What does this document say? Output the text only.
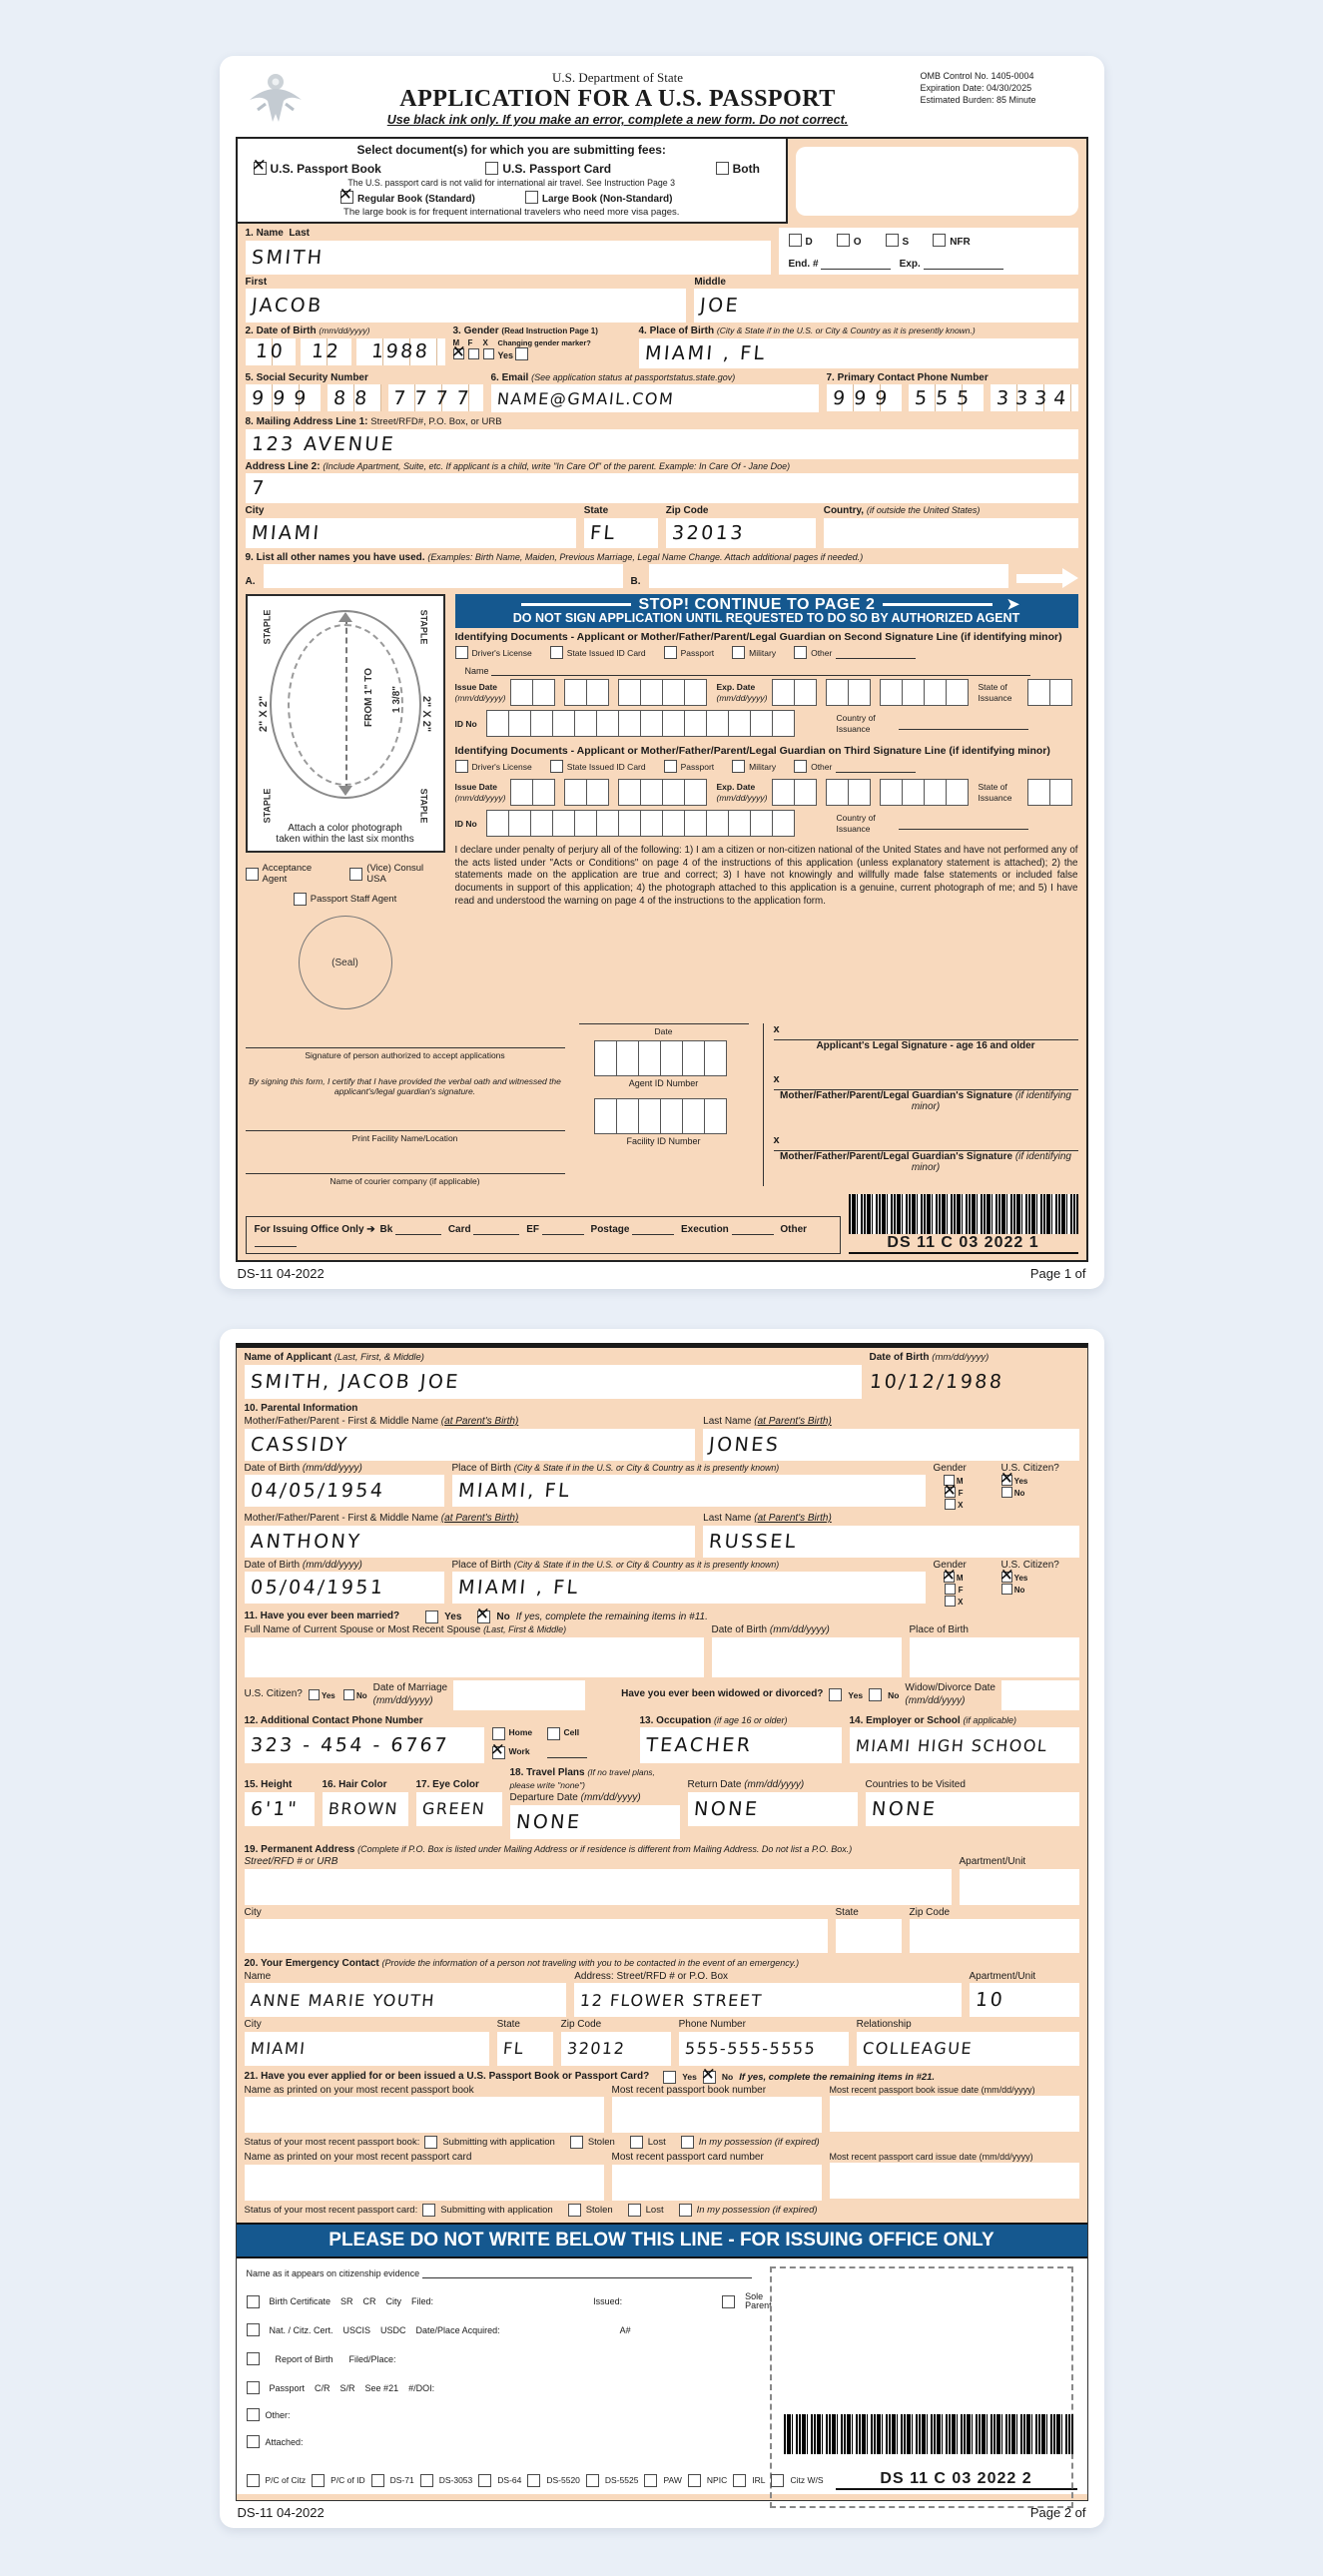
U.S. Department of State
APPLICATION FOR A U.S. PASSPORT
Use black ink only. If you make an error, complete a new form. Do not correct.
OMB Control No. 1405-0004
Expiration Date: 04/30/2025
Estimated Burden: 85 Minute
Select document(s) for which you are submitting fees:
✕U.S. Passport Book	U.S. Passport Card	Both
The U.S. passport card is not valid for international air travel. See Instruction Page 3
✕Regular Book (Standard)	Large Book (Non-Standard)
The large book is for frequent international travelers who need more visa pages.
1. Name Last
SMITH
D	O	S	NFR
End. #	Exp.
First
JACOB
Middle
JOE
2. Date of Birth (mm/dd/yyyy)
10 12 1988
3. Gender (Read Instruction Page 1)
✕
F X Changing gender marker?
Yes
4. Place of Birth (City & State if in the U.S. or City & Country as it is presently known.)
MIAMI , FL
5. Social Security Number
999 88 7777
6. Email (See application status at passportstatus.state.gov)
NAME@GMAIL.COM
7. Primary Contact Phone Number
999 555 3334
8. Mailing Address Line 1: Street/RFD#, P.O. Box, or URB
123 AVENUE
Address Line 2: (Include Apartment, Suite, etc. If applicant is a child, write "In Care Of" of the parent. Example: In Care Of - Jane Doe)
7
City
MIAMI
State
FL
Zip Code
32013
Country, (if outside the United States)
9. List all other names you have used. (Examples: Birth Name, Maiden, Previous Marriage, Legal Name Change. Attach additional pages if needed.)
A.	B.
STAPLE	STAPLE
STAPLE	STAPLE
2" X 2"	2" X 2"
FROM 1" TO 1 3/8"
Attach a color photograph
taken within the last six months
Acceptance Agent
(Vice) Consul USA
Passport Staff Agent
(Seal)
STOP! CONTINUE TO PAGE 2➤
DO NOT SIGN APPLICATION UNTIL REQUESTED TO DO SO BY AUTHORIZED AGENT
Identifying Documents - Applicant or Mother/Father/Parent/Legal Guardian on Second Signature Line (if identifying minor)
Driver's License	State Issued ID Card	Passport	Military	Other
Name
Issue Date
(mm/dd/yyyy)
Exp. Date
(mm/dd/yyyy)
State of
Issuance
ID No
Country of
Issuance
Identifying Documents - Applicant or Mother/Father/Parent/Legal Guardian on Third Signature Line (if identifying minor)
Driver's License	State Issued ID Card	Passport	Military	Other
Issue Date
(mm/dd/yyyy)
Exp. Date
(mm/dd/yyyy)
State of
Issuance
ID No
Country of
Issuance
I declare under penalty of perjury all of the following: 1) I am a citizen or non-citizen national of the United States and have not performed any of the acts listed under "Acts or Conditions" on page 4 of the instructions of this application (unless explanatory statement is attached); 2) the statements made on the application are true and correct; 3) I have not knowingly and willfully made false statements or included false documents in support of this application; 4) the photograph attached to this application is a genuine, current photograph of me; and 5) I have read and understood the warning on page 4 of the instructions to the application form.
Signature of person authorized to accept applications
By signing this form, I certify that I have provided the verbal oath and witnessed the applicant's/legal guardian's signature.
Print Facility Name/Location
Name of courier company (if applicable)
Date
Agent ID Number
Facility ID Number
x
Applicant's Legal Signature - age 16 and older
x
Mother/Father/Parent/Legal Guardian's Signature (if identifying minor)
x
Mother/Father/Parent/Legal Guardian's Signature (if identifying minor)
For Issuing Office Only ➔ Bk	Card	EF	Postage	Execution	Other
DS 11 C 03 2022 1
DS-11 04-2022	Page 1 of
Name of Applicant (Last, First, & Middle)
SMITH, JACOB JOE
Date of Birth (mm/dd/yyyy)
10/12/1988
10. Parental Information
Mother/Father/Parent - First & Middle Name (at Parent's Birth)
CASSIDY
Last Name (at Parent's Birth)
JONES
Date of Birth (mm/dd/yyyy)
04/05/1954
Place of Birth (City & State if in the U.S. or City & Country as it is presently known)
MIAMI, FL
Gender
M
✕ F
X
U.S. Citizen?
✕ Yes
No
Mother/Father/Parent - First & Middle Name (at Parent's Birth)
ANTHONY
Last Name (at Parent's Birth)
RUSSEL
Date of Birth (mm/dd/yyyy)
05/04/1951
Place of Birth (City & State if in the U.S. or City & Country as it is presently known)
MIAMI , FL
Gender
✕ M
F
X
U.S. Citizen?
✕ Yes
No
11. Have you ever been married?	Yes ✕	No If yes, complete the remaining items in #11.
Full Name of Current Spouse or Most Recent Spouse (Last, First & Middle)	Date of Birth (mm/dd/yyyy)	Place of Birth
U.S. Citizen?	Yes	No
Date of Marriage
(mm/dd/yyyy)
Have you ever been widowed or divorced?	Yes	No
Widow/Divorce Date
(mm/dd/yyyy)
12. Additional Contact Phone Number
323 - 454 - 6767
Home	Cell
✕
Work
13. Occupation (if age 16 or older)
TEACHER
14. Employer or School (if applicable)
MIAMI HIGH SCHOOL
15. Height
6'1"
16. Hair Color
BROWN
17. Eye Color
GREEN
18. Travel Plans (If no travel plans, please write "none")
Departure Date (mm/dd/yyyy)
NONE
Return Date (mm/dd/yyyy)
NONE
Countries to be Visited
NONE
19. Permanent Address (Complete if P.O. Box is listed under Mailing Address or if residence is different from Mailing Address. Do not list a P.O. Box.)
Street/RFD # or URB	Apartment/Unit
City	State	Zip Code
20. Your Emergency Contact (Provide the information of a person not traveling with you to be contacted in the event of an emergency.)
Name
ANNE MARIE YOUTH
Address: Street/RFD # or P.O. Box
12 FLOWER STREET
Apartment/Unit
10
City
MIAMI
State
FL
Zip Code
32012
Phone Number
555-555-5555
Relationship
COLLEAGUE
21. Have you ever applied for or been issued a U.S. Passport Book or Passport Card?	Yes ✕	No If yes, complete the remaining items in #21.
Name as printed on your most recent passport book	Most recent passport book number	Most recent passport book issue date (mm/dd/yyyy)
Status of your most recent passport book: Submitting with application	Stolen	Lost	In my possession (if expired)
Name as printed on your most recent passport card	Most recent passport card number	Most recent passport card issue date (mm/dd/yyyy)
Status of your most recent passport card: Submitting with application	Stolen	Lost	In my possession (if expired)
PLEASE DO NOT WRITE BELOW THIS LINE - FOR ISSUING OFFICE ONLY
Name as it appears on citizenship evidence
Birth Certificate SR CR City Filed:	Issued:
Sole
Parent
Nat. / Citz. Cert. USCIS USDC Date/Place Acquired:	A#
Report of Birth Filed/Place:
Passport C/R S/R See #21 #/DOI:
Other:
Attached:
P/C of Citz	P/C of ID	DS-71	DS-3053	DS-64	DS-5520	DS-5525	PAW	NPIC	IRL	Citz W/S	DS 11 C 03 2022 2
DS-11 04-2022	Page 2 of
